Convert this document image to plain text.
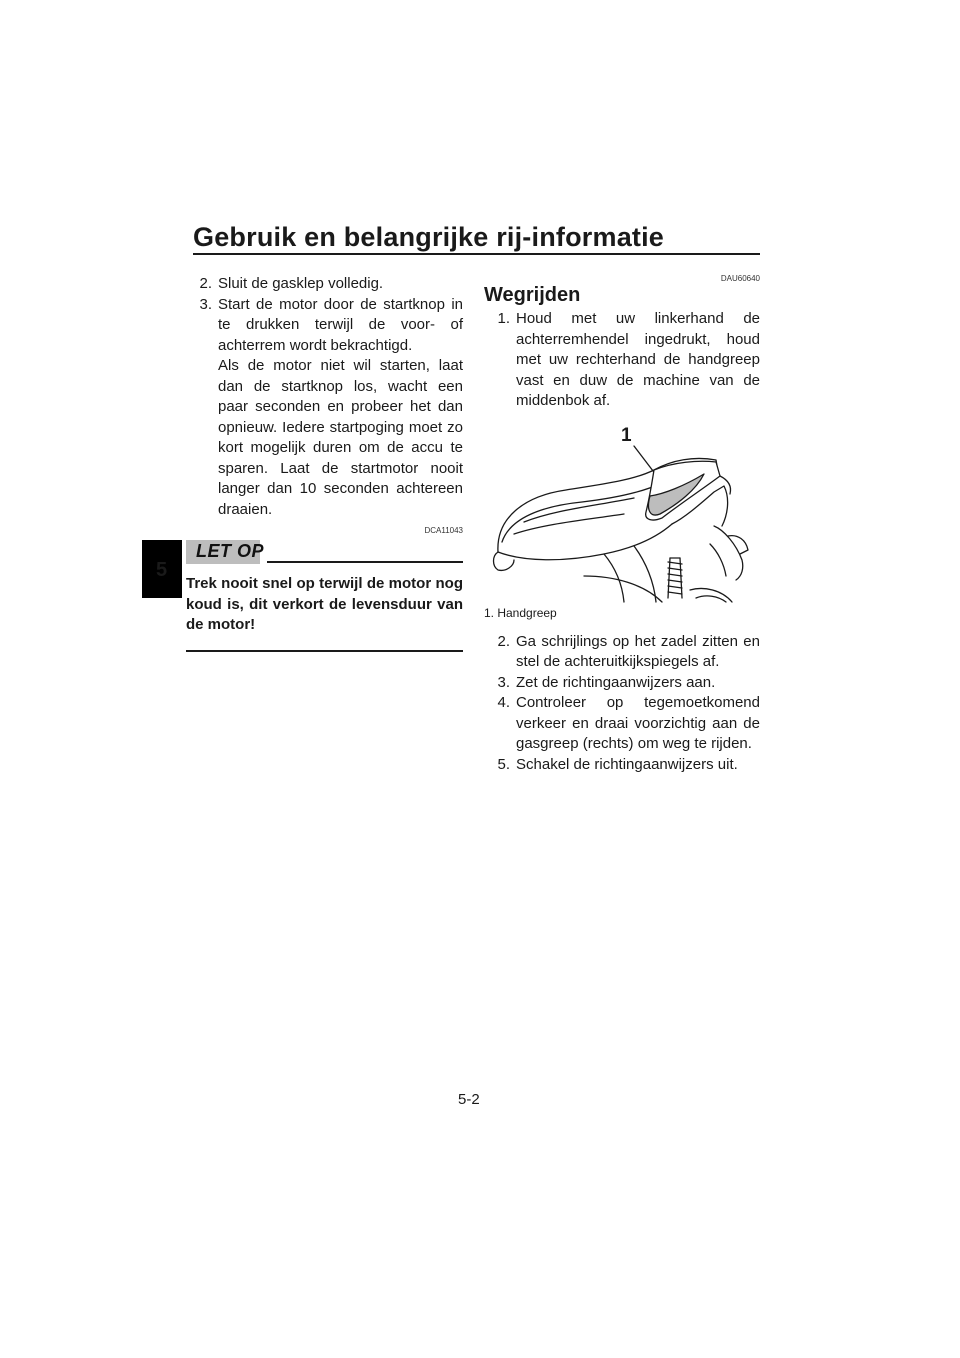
Gebruik en belangrijke rij-informatie
5
2. Sluit de gasklep volledig.
3. Start de motor door de startknop in te drukken terwijl de voor- of achterrem wordt bekrachtigd.

Als de motor niet wil starten, laat dan de startknop los, wacht een paar seconden en probeer het dan opnieuw. Iedere startpoging moet zo kort mogelijk duren om de accu te sparen. Laat de startmotor nooit langer dan 10 seconden achtereen draaien.

DCA11043
LET OP

Trek nooit snel op terwijl de motor nog koud is, dit verkort de levensduur van de motor!

DAU60640
Wegrijden
1. Houd met uw linkerhand de achterremhendel ingedrukt, houd met uw rechterhand de handgreep vast en duw de machine van de middenbok af.
1
1. Handgreep
2. Ga schrijlings op het zadel zitten en stel de achteruitkijkspiegels af.
3. Zet de richtingaanwijzers aan.
4. Controleer op tegemoetkomend verkeer en draai voorzichtig aan de gasgreep (rechts) om weg te rijden.
5. Schakel de richtingaanwijzers uit.
5-2
